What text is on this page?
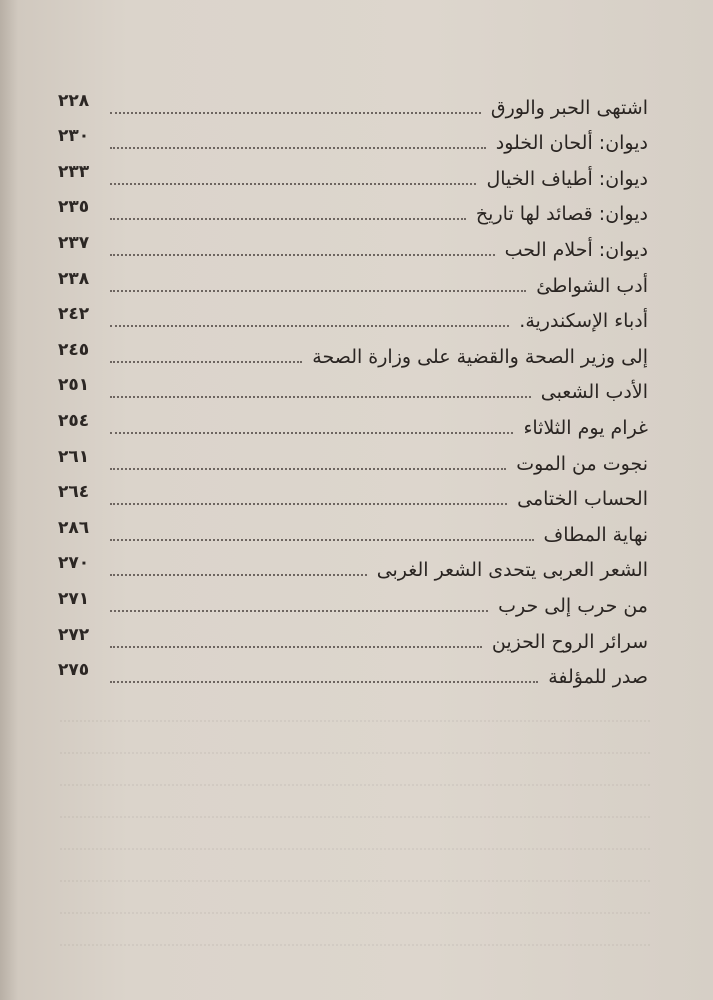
اشتهى الحبر والورق
٢٢٨
ديوان: ألحان الخلود
٢٣٠
ديوان: أطياف الخيال
٢٣٣
ديوان: قصائد لها تاريخ
٢٣٥
ديوان: أحلام الحب
٢٣٧
أدب الشواطئ
٢٣٨
أدباء الإسكندرية.
٢٤٢
إلى وزير الصحة والقضية على وزارة الصحة
٢٤٥
الأدب الشعبى
٢٥١
غرام يوم الثلاثاء
٢٥٤
نجوت من الموت
٢٦١
الحساب الختامى
٢٦٤
نهاية المطاف
٢٨٦
الشعر العربى يتحدى الشعر الغربى
٢٧٠
من حرب إلى حرب
٢٧١
سرائر الروح الحزين
٢٧٢
صدر للمؤلفة
٢٧٥
